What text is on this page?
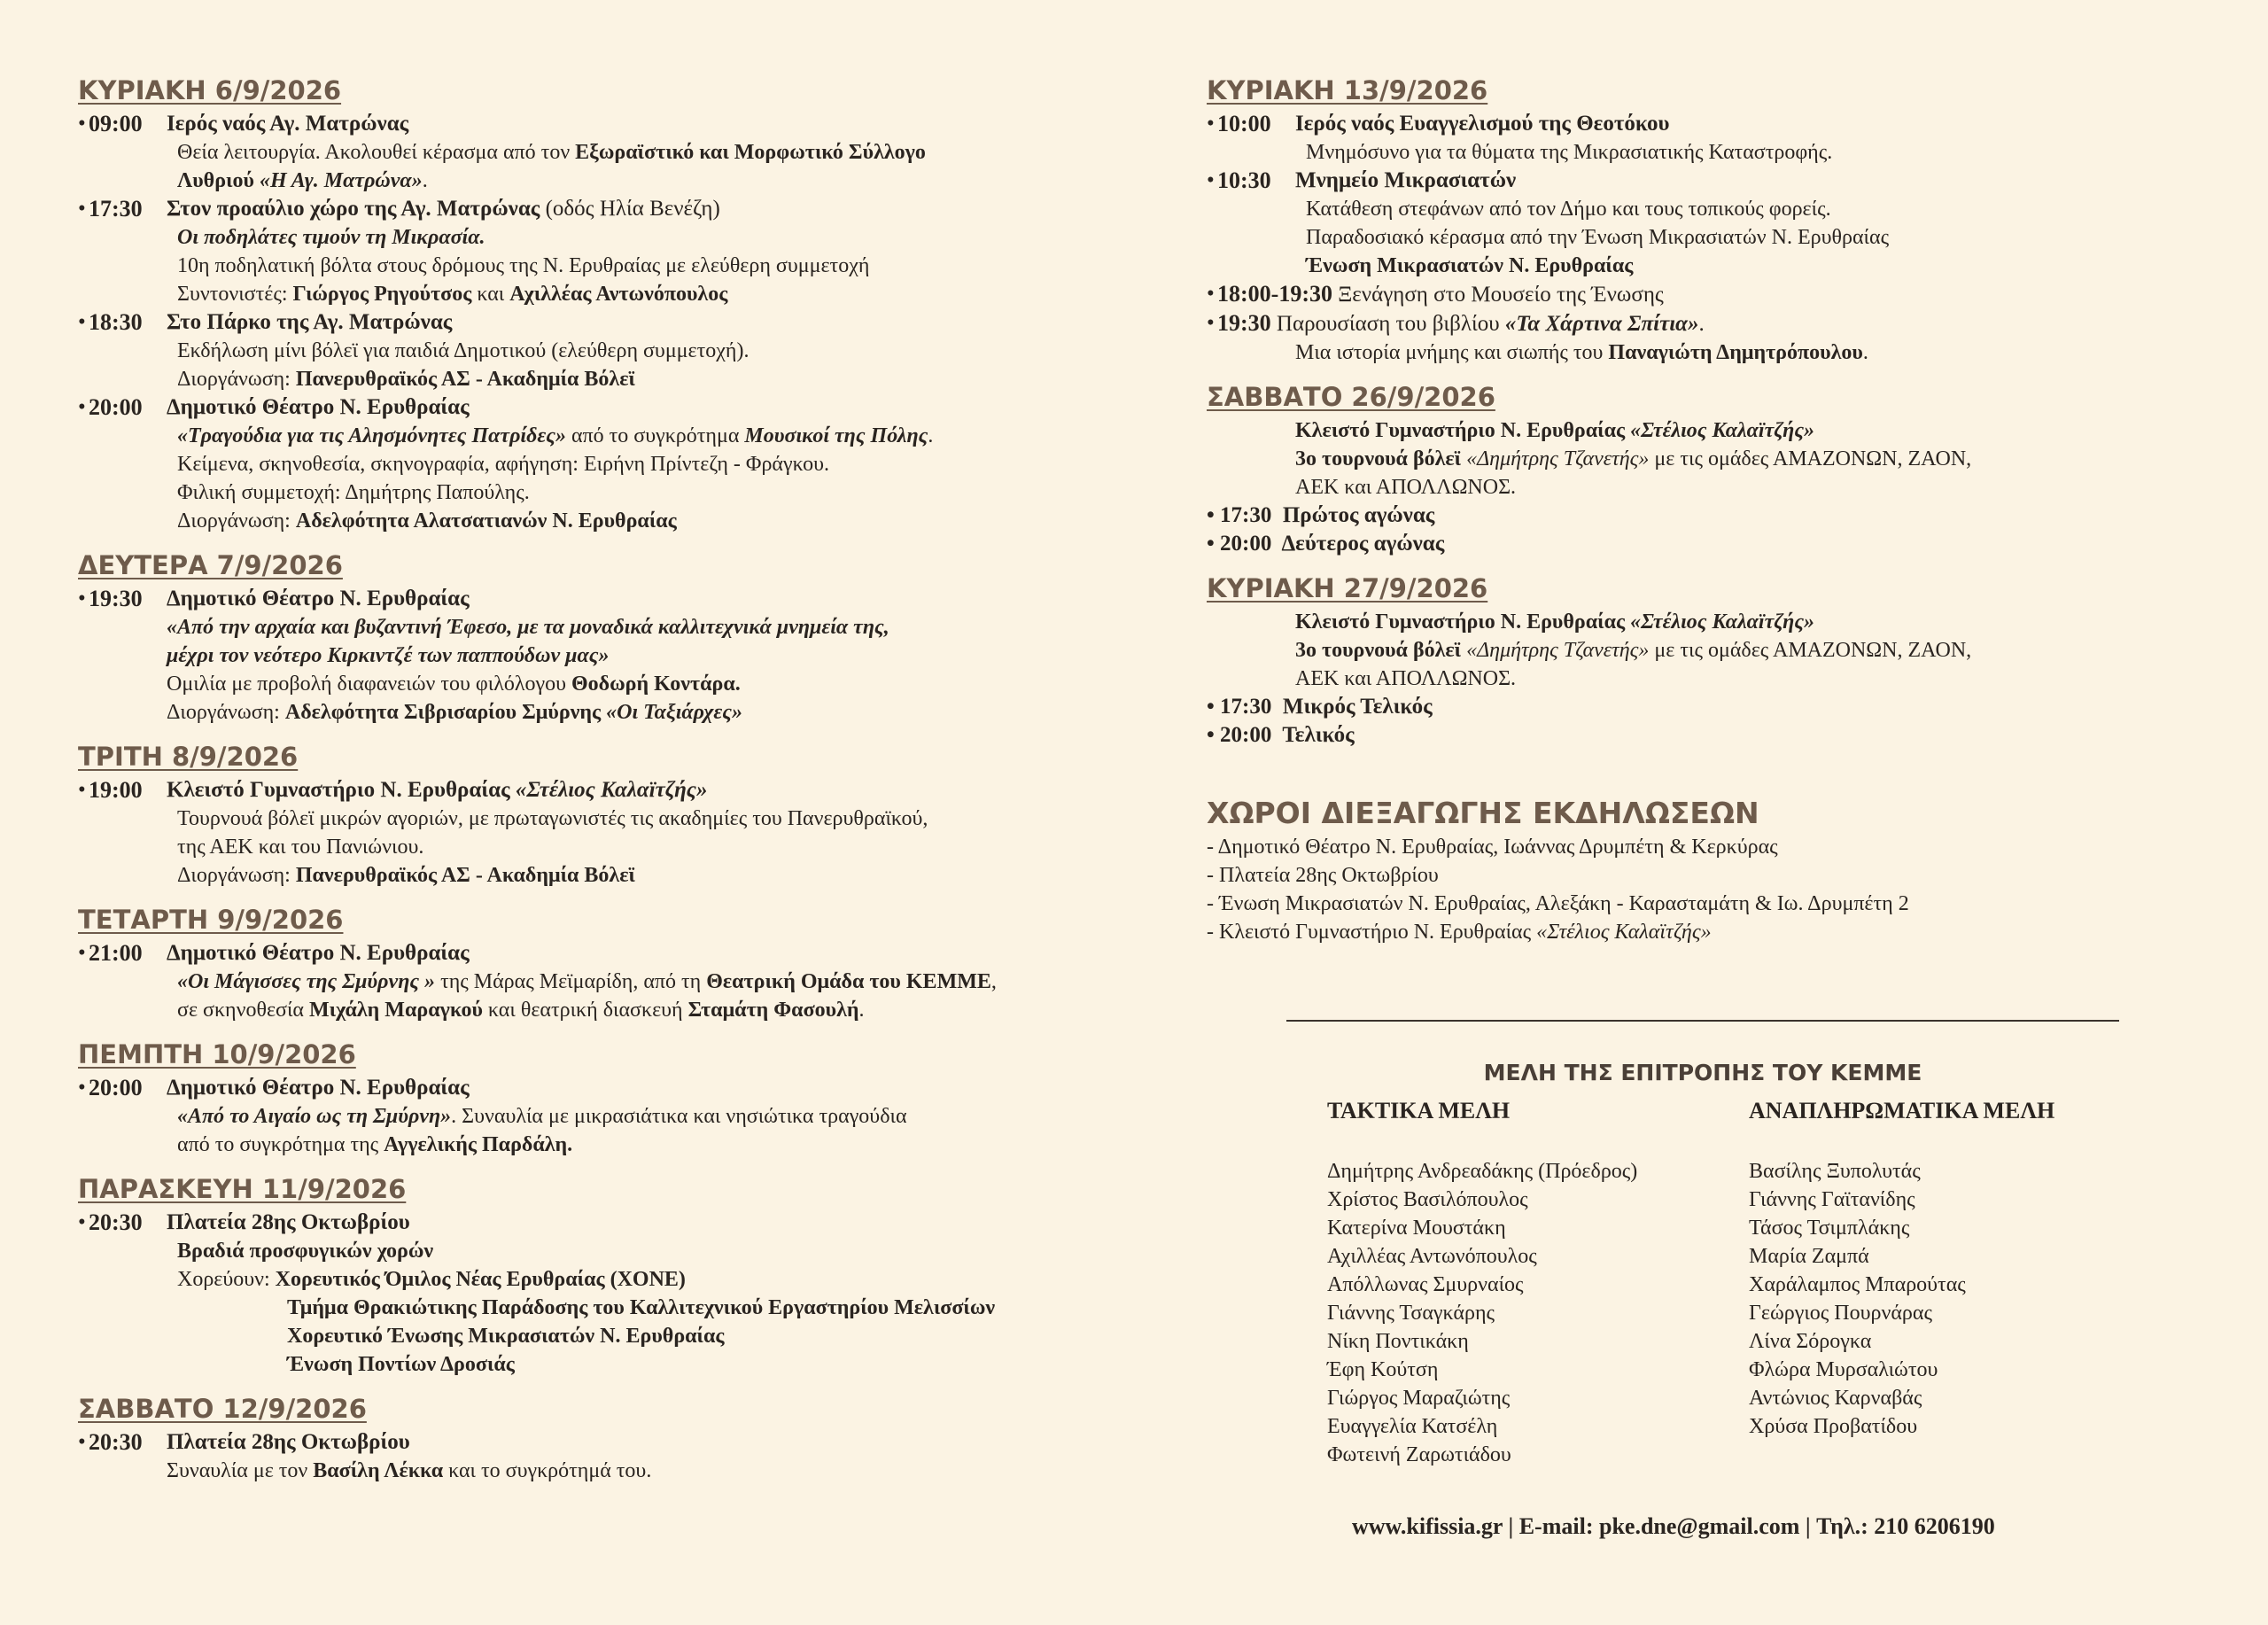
ΚΥΡΙΑΚΗ 6/9/2026
• 09:00 Ιερός ναός Αγ. Ματρώνας
Θεία λειτουργία. Ακολουθεί κέρασμα από τον Εξωραϊστικό και Μορφωτικό Σύλλογο
Λυθριού «Η Αγ. Ματρώνα».
• 17:30 Στον προαύλιο χώρο της Αγ. Ματρώνας (οδός Ηλία Βενέζη)
Οι ποδηλάτες τιμούν τη Μικρασία.
10η ποδηλατική βόλτα στους δρόμους της Ν. Ερυθραίας με ελεύθερη συμμετοχή
Συντονιστές: Γιώργος Ρηγούτσος και Αχιλλέας Αντωνόπουλος
• 18:30 Στο Πάρκο της Αγ. Ματρώνας
Εκδήλωση μίνι βόλεϊ για παιδιά Δημοτικού (ελεύθερη συμμετοχή).
Διοργάνωση: Πανερυθραϊκός ΑΣ - Ακαδημία Βόλεϊ
• 20:00 Δημοτικό Θέατρο Ν. Ερυθραίας
«Τραγούδια για τις Αλησμόνητες Πατρίδες» από το συγκρότημα Μουσικοί της Πόλης.
Κείμενα, σκηνοθεσία, σκηνογραφία, αφήγηση: Ειρήνη Πρίντεζη - Φράγκου.
Φιλική συμμετοχή: Δημήτρης Παπούλης.
Διοργάνωση: Αδελφότητα Αλατσατιανών Ν. Ερυθραίας
ΔΕΥΤΕΡΑ 7/9/2026
• 19:30 Δημοτικό Θέατρο Ν. Ερυθραίας
«Από την αρχαία και βυζαντινή Έφεσο, με τα μοναδικά καλλιτεχνικά μνημεία της,
μέχρι τον νεότερο Κιρκιντζέ των παππούδων μας»
Ομιλία με προβολή διαφανειών του φιλόλογου Θοδωρή Κοντάρα.
Διοργάνωση: Αδελφότητα Σιβρισαρίου Σμύρνης «Οι Ταξιάρχες»
ΤΡΙΤΗ 8/9/2026
• 19:00 Κλειστό Γυμναστήριο Ν. Ερυθραίας «Στέλιος Καλαϊτζής»
Τουρνουά βόλεϊ μικρών αγοριών, με πρωταγωνιστές τις ακαδημίες του Πανερυθραϊκού,
της ΑΕΚ και του Πανιώνιου.
Διοργάνωση: Πανερυθραϊκός ΑΣ - Ακαδημία Βόλεϊ
ΤΕΤΑΡΤΗ 9/9/2026
• 21:00 Δημοτικό Θέατρο Ν. Ερυθραίας
«Οι Μάγισσες της Σμύρνης » της Μάρας Μεϊμαρίδη, από τη Θεατρική Ομάδα του ΚΕΜΜΕ,
σε σκηνοθεσία Μιχάλη Μαραγκού και θεατρική διασκευή Σταμάτη Φασουλή.
ΠΕΜΠΤΗ 10/9/2026
• 20:00 Δημοτικό Θέατρο Ν. Ερυθραίας
«Από το Αιγαίο ως τη Σμύρνη». Συναυλία με μικρασιάτικα και νησιώτικα τραγούδια
από το συγκρότημα της Αγγελικής Παρδάλη.
ΠΑΡΑΣΚΕΥΗ 11/9/2026
• 20:30 Πλατεία 28ης Οκτωβρίου
Βραδιά προσφυγικών χορών
Χορεύουν: Χορευτικός Όμιλος Νέας Ερυθραίας (ΧΟΝΕ)
Τμήμα Θρακιώτικης Παράδοσης του Καλλιτεχνικού Εργαστηρίου Μελισσίων
Χορευτικό Ένωσης Μικρασιατών Ν. Ερυθραίας
Ένωση Ποντίων Δροσιάς
ΣΑΒΒΑΤΟ 12/9/2026
• 20:30 Πλατεία 28ης Οκτωβρίου
Συναυλία με τον Βασίλη Λέκκα και το συγκρότημά του.
ΚΥΡΙΑΚΗ 13/9/2026
• 10:00 Ιερός ναός Ευαγγελισμού της Θεοτόκου
Μνημόσυνο για τα θύματα της Μικρασιατικής Καταστροφής.
• 10:30 Μνημείο Μικρασιατών
Κατάθεση στεφάνων από τον Δήμο και τους τοπικούς φορείς.
Παραδοσιακό κέρασμα από την Ένωση Μικρασιατών Ν. Ερυθραίας
Ένωση Μικρασιατών Ν. Ερυθραίας
• 18:00-19:30 Ξενάγηση στο Μουσείο της Ένωσης
• 19:30 Παρουσίαση του βιβλίου «Τα Χάρτινα Σπίτια».
Μια ιστορία μνήμης και σιωπής του Παναγιώτη Δημητρόπουλου.
ΣΑΒΒΑΤΟ 26/9/2026
Κλειστό Γυμναστήριο Ν. Ερυθραίας «Στέλιος Καλαϊτζής»
3ο τουρνουά βόλεϊ «Δημήτρης Τζανετής» με τις ομάδες ΑΜΑΖΟΝΩΝ, ΖΑΟΝ,
ΑΕΚ και ΑΠΟΛΛΩΝΟΣ.
• 17:30 Πρώτος αγώνας
• 20:00 Δεύτερος αγώνας
ΚΥΡΙΑΚΗ 27/9/2026
Κλειστό Γυμναστήριο Ν. Ερυθραίας «Στέλιος Καλαϊτζής»
3ο τουρνουά βόλεϊ «Δημήτρης Τζανετής» με τις ομάδες ΑΜΑΖΟΝΩΝ, ΖΑΟΝ,
ΑΕΚ και ΑΠΟΛΛΩΝΟΣ.
• 17:30 Μικρός Τελικός
• 20:00 Τελικός
ΧΩΡΟΙ ΔΙΕΞΑΓΩΓΗΣ ΕΚΔΗΛΩΣΕΩΝ
- Δημοτικό Θέατρο Ν. Ερυθραίας, Ιωάννας Δρυμπέτη & Κερκύρας
- Πλατεία 28ης Οκτωβρίου
- Ένωση Μικρασιατών Ν. Ερυθραίας, Αλεξάκη - Καρασταμάτη & Ιω. Δρυμπέτη 2
- Κλειστό Γυμναστήριο Ν. Ερυθραίας «Στέλιος Καλαϊτζής»
ΜΕΛΗ ΤΗΣ ΕΠΙΤΡΟΠΗΣ ΤΟΥ ΚΕΜΜΕ
ΤΑΚΤΙΚΑ ΜΕΛΗ
Δημήτρης Ανδρεαδάκης (Πρόεδρος)
Χρίστος Βασιλόπουλος
Κατερίνα Μουστάκη
Αχιλλέας Αντωνόπουλος
Απόλλωνας Σμυρναίος
Γιάννης Τσαγκάρης
Νίκη Ποντικάκη
Έφη Κούτση
Γιώργος Μαραζιώτης
Ευαγγελία Κατσέλη
Φωτεινή Ζαρωτιάδου
ΑΝΑΠΛΗΡΩΜΑΤΙΚΑ ΜΕΛΗ
Βασίλης Ξυπολυτάς
Γιάννης Γαϊτανίδης
Τάσος Τσιμπλάκης
Μαρία Ζαμπά
Χαράλαμπος Μπαρούτας
Γεώργιος Πουρνάρας
Λίνα Σόρογκα
Φλώρα Μυρσαλιώτου
Αντώνιος Καρναβάς
Χρύσα Προβατίδου
www.kifissia.gr | E-mail: pke.dne@gmail.com | Τηλ.: 210 6206190
